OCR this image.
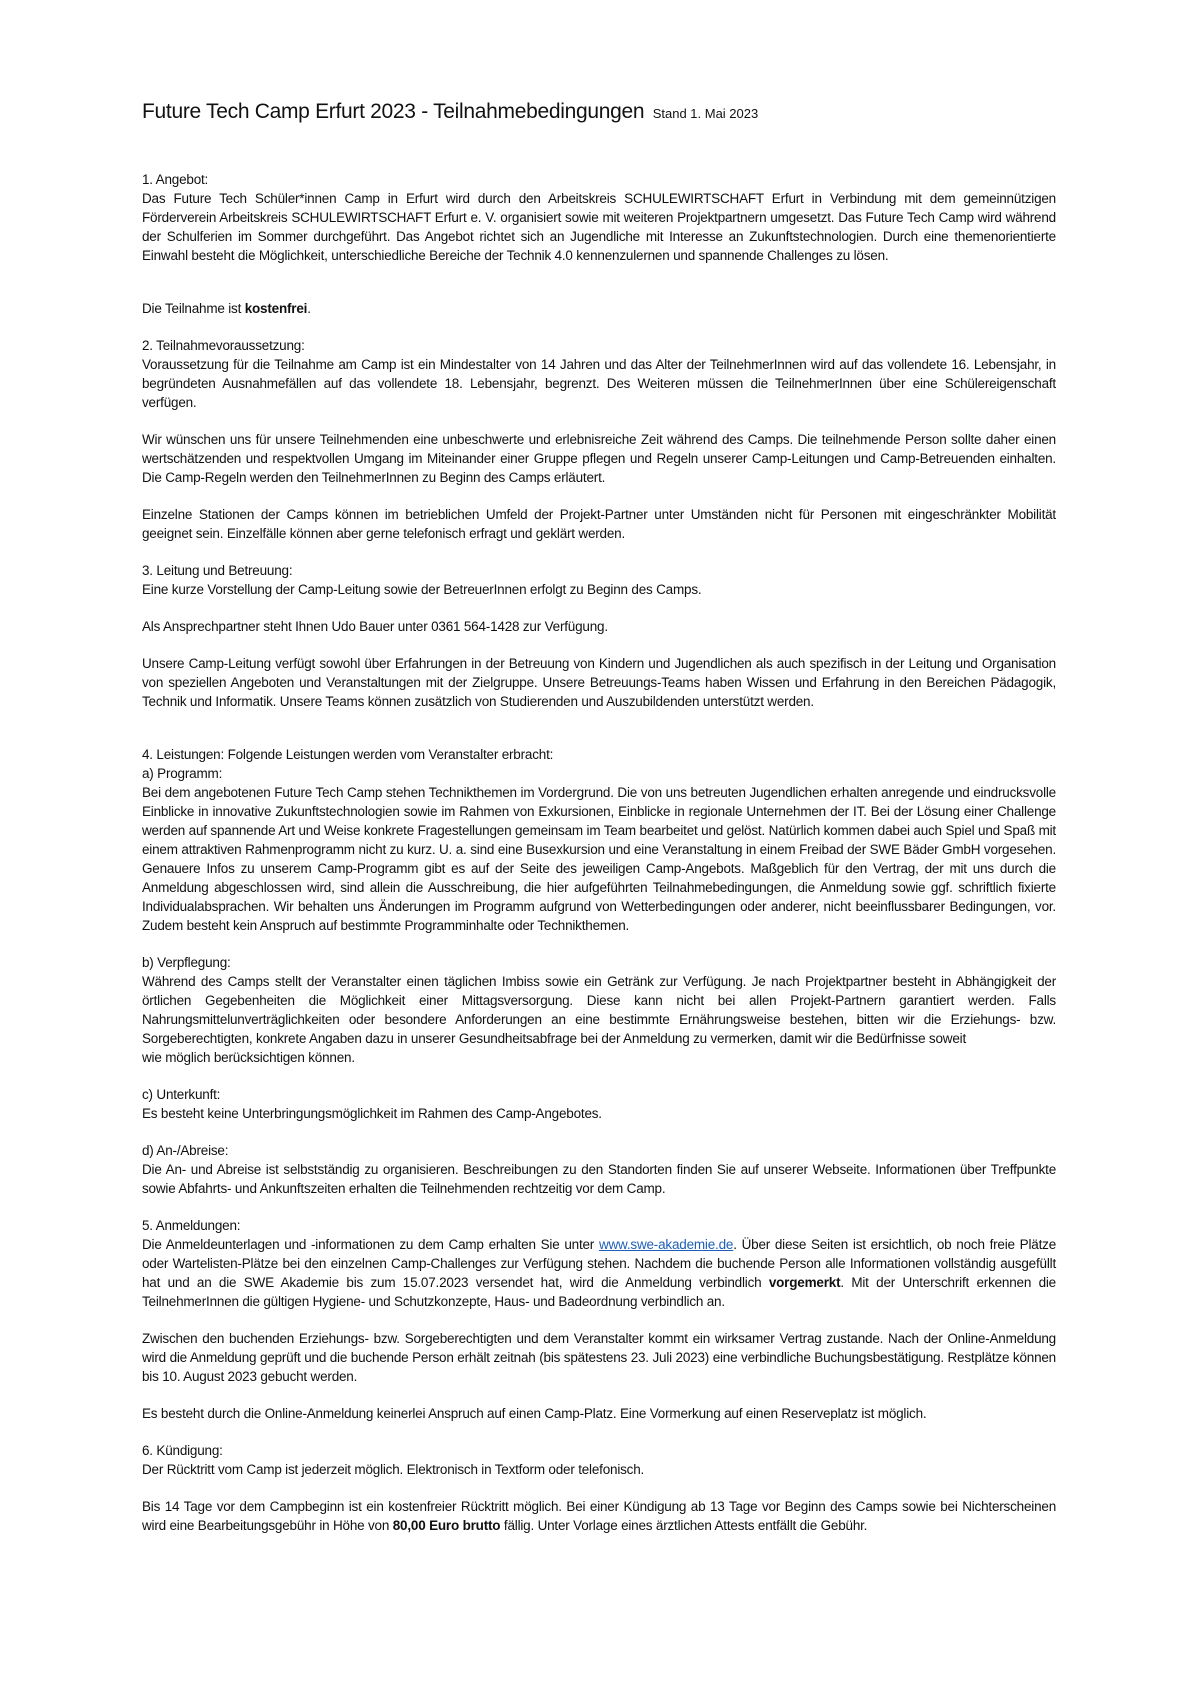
Future Tech Camp Erfurt 2023 - Teilnahmebedingungen Stand 1. Mai 2023

1. Angebot:

Das Future Tech Schüler*innen Camp in Erfurt wird durch den Arbeitskreis SCHULEWIRTSCHAFT Erfurt in Verbindung mit dem gemeinnützigen Förderverein Arbeitskreis SCHULEWIRTSCHAFT Erfurt e. V. organisiert sowie mit weiteren Projektpartnern umgesetzt. Das Future Tech Camp wird während der Schulferien im Sommer durchgeführt. Das Angebot richtet sich an Jugendliche mit Interesse an Zukunftstechnologien. Durch eine themenorientierte Einwahl besteht die Möglichkeit, unterschiedliche Bereiche der Technik 4.0 kennenzulernen und spannende Challenges zu lösen.

Die Teilnahme ist kostenfrei.

2. Teilnahmevoraussetzung:

Voraussetzung für die Teilnahme am Camp ist ein Mindestalter von 14 Jahren und das Alter der TeilnehmerInnen wird auf das vollendete 16. Lebensjahr, in begründeten Ausnahmefällen auf das vollendete 18. Lebensjahr, begrenzt. Des Weiteren müssen die TeilnehmerInnen über eine Schülereigenschaft verfügen.

Wir wünschen uns für unsere Teilnehmenden eine unbeschwerte und erlebnisreiche Zeit während des Camps. Die teilnehmende Person sollte daher einen wertschätzenden und respektvollen Umgang im Miteinander einer Gruppe pflegen und Regeln unserer Camp-Leitungen und Camp-Betreuenden einhalten. Die Camp-Regeln werden den TeilnehmerInnen zu Beginn des Camps erläutert.

Einzelne Stationen der Camps können im betrieblichen Umfeld der Projekt-Partner unter Umständen nicht für Personen mit eingeschränkter Mobilität geeignet sein. Einzelfälle können aber gerne telefonisch erfragt und geklärt werden.

3. Leitung und Betreuung:

Eine kurze Vorstellung der Camp-Leitung sowie der BetreuerInnen erfolgt zu Beginn des Camps.

Als Ansprechpartner steht Ihnen Udo Bauer unter 0361 564-1428 zur Verfügung.

Unsere Camp-Leitung verfügt sowohl über Erfahrungen in der Betreuung von Kindern und Jugendlichen als auch spezifisch in der Leitung und Organisation von speziellen Angeboten und Veranstaltungen mit der Zielgruppe. Unsere Betreuungs-Teams haben Wissen und Erfahrung in den Bereichen Pädagogik, Technik und Informatik. Unsere Teams können zusätzlich von Studierenden und Auszubildenden unterstützt werden.

4. Leistungen: Folgende Leistungen werden vom Veranstalter erbracht:

a) Programm:

Bei dem angebotenen Future Tech Camp stehen Technikthemen im Vordergrund. Die von uns betreuten Jugendlichen erhalten anregende und eindrucksvolle Einblicke in innovative Zukunftstechnologien sowie im Rahmen von Exkursionen, Einblicke in regionale Unternehmen der IT. Bei der Lösung einer Challenge werden auf spannende Art und Weise konkrete Fragestellungen gemeinsam im Team bearbeitet und gelöst. Natürlich kommen dabei auch Spiel und Spaß mit einem attraktiven Rahmenprogramm nicht zu kurz. U. a. sind eine Busexkursion und eine Veranstaltung in einem Freibad der SWE Bäder GmbH vorgesehen. Genauere Infos zu unserem Camp-Programm gibt es auf der Seite des jeweiligen Camp-Angebots. Maßgeblich für den Vertrag, der mit uns durch die Anmeldung abgeschlossen wird, sind allein die Ausschreibung, die hier aufgeführten Teilnahmebedingungen, die Anmeldung sowie ggf. schriftlich fixierte Individualabsprachen. Wir behalten uns Änderungen im Programm aufgrund von Wetterbedingungen oder anderer, nicht beeinflussbarer Bedingungen, vor. Zudem besteht kein Anspruch auf bestimmte Programminhalte oder Technikthemen.

b) Verpflegung:

Während des Camps stellt der Veranstalter einen täglichen Imbiss sowie ein Getränk zur Verfügung. Je nach Projektpartner besteht in Abhängigkeit der örtlichen Gegebenheiten die Möglichkeit einer Mittagsversorgung. Diese kann nicht bei allen Projekt-Partnern garantiert werden. Falls Nahrungsmittelunverträglichkeiten oder besondere Anforderungen an eine bestimmte Ernährungsweise bestehen, bitten wir die Erziehungs- bzw. Sorgeberechtigten, konkrete Angaben dazu in unserer Gesundheitsabfrage bei der Anmeldung zu vermerken, damit wir die Bedürfnisse soweit

wie möglich berücksichtigen können.

c) Unterkunft:

Es besteht keine Unterbringungsmöglichkeit im Rahmen des Camp-Angebotes.

d) An-/Abreise:

Die An- und Abreise ist selbstständig zu organisieren. Beschreibungen zu den Standorten finden Sie auf unserer Webseite. Informationen über Treffpunkte sowie Abfahrts- und Ankunftszeiten erhalten die Teilnehmenden rechtzeitig vor dem Camp.

5. Anmeldungen:

Die Anmeldeunterlagen und -informationen zu dem Camp erhalten Sie unter www.swe-akademie.de. Über diese Seiten ist ersichtlich, ob noch freie Plätze oder Wartelisten-Plätze bei den einzelnen Camp-Challenges zur Verfügung stehen. Nachdem die buchende Person alle Informationen vollständig ausgefüllt hat und an die SWE Akademie bis zum 15.07.2023 versendet hat, wird die Anmeldung verbindlich vorgemerkt. Mit der Unterschrift erkennen die TeilnehmerInnen die gültigen Hygiene- und Schutzkonzepte, Haus- und Badeordnung verbindlich an.

Zwischen den buchenden Erziehungs- bzw. Sorgeberechtigten und dem Veranstalter kommt ein wirksamer Vertrag zustande. Nach der Online-Anmeldung wird die Anmeldung geprüft und die buchende Person erhält zeitnah (bis spätestens 23. Juli 2023) eine verbindliche Buchungsbestätigung. Restplätze können bis 10. August 2023 gebucht werden.

Es besteht durch die Online-Anmeldung keinerlei Anspruch auf einen Camp-Platz. Eine Vormerkung auf einen Reserveplatz ist möglich.

6. Kündigung:

Der Rücktritt vom Camp ist jederzeit möglich. Elektronisch in Textform oder telefonisch.

Bis 14 Tage vor dem Campbeginn ist ein kostenfreier Rücktritt möglich. Bei einer Kündigung ab 13 Tage vor Beginn des Camps sowie bei Nichterscheinen wird eine Bearbeitungsgebühr in Höhe von 80,00 Euro brutto fällig. Unter Vorlage eines ärztlichen Attests entfällt die Gebühr.
